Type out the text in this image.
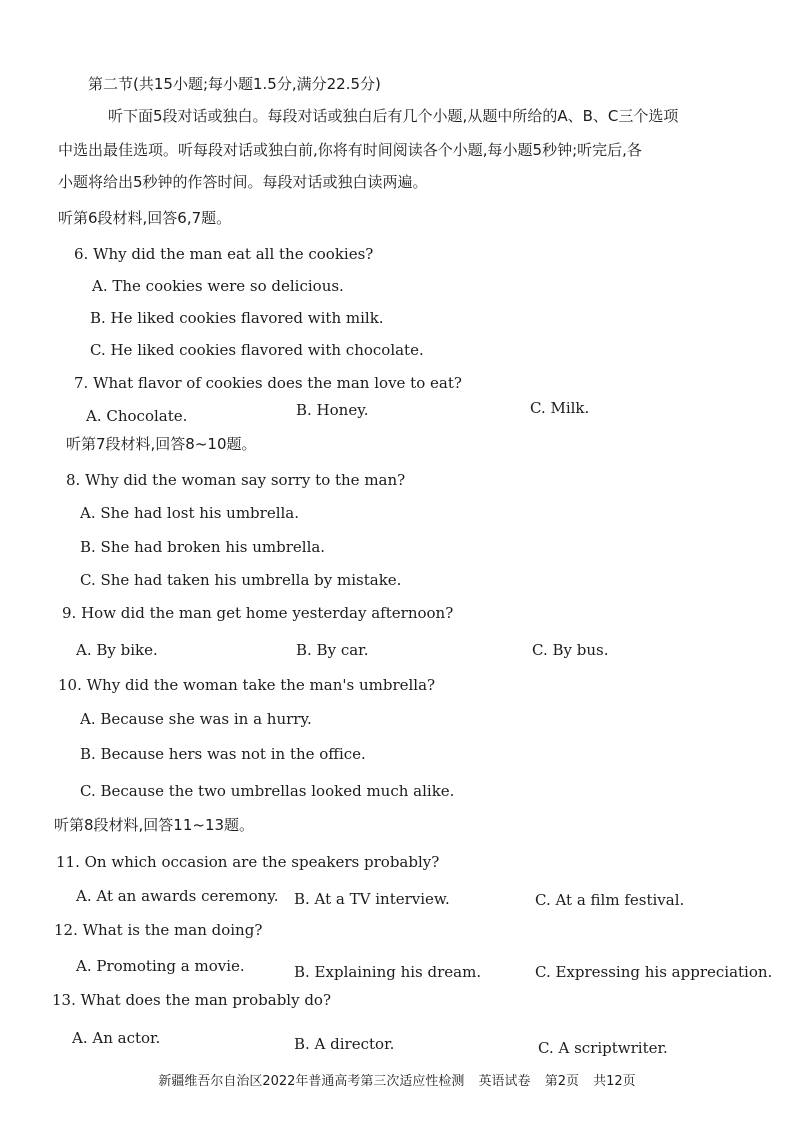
第二节(共15小题;每小题1.5分,满分22.5分)
听下面5段对话或独白。每段对话或独白后有几个小题,从题中所给的A、B、C三个选项
中选出最佳选项。听每段对话或独白前,你将有时间阅读各个小题,每小题5秒钟;听完后,各
小题将给出5秒钟的作答时间。每段对话或独白读两遍。
听第6段材料,回答6,7题。
6. Why did the man eat all the cookies?
A. The cookies were so delicious.
B. He liked cookies flavored with milk.
C. He liked cookies flavored with chocolate.
7. What flavor of cookies does the man love to eat?
A. Chocolate.	B. Honey.	C. Milk.
听第7段材料,回答8~10题。
8. Why did the woman say sorry to the man?
A. She had lost his umbrella.
B. She had broken his umbrella.
C. She had taken his umbrella by mistake.
9. How did the man get home yesterday afternoon?
A. By bike.	B. By car.	C. By bus.
10. Why did the woman take the man's umbrella?
A. Because she was in a hurry.
B. Because hers was not in the office.
C. Because the two umbrellas looked much alike.
听第8段材料,回答11~13题。
11. On which occasion are the speakers probably?
A. At an awards ceremony. B. At a TV interview.	C. At a film festival.
12. What is the man doing?
A. Promoting a movie.	B. Explaining his dream.	C. Expressing his appreciation.
13. What does the man probably do?
A. An actor.	B. A director.	C. A scriptwriter.
新疆维吾尔自治区2022年普通高考第三次适应性检测 英语试卷 第2页 共12页
